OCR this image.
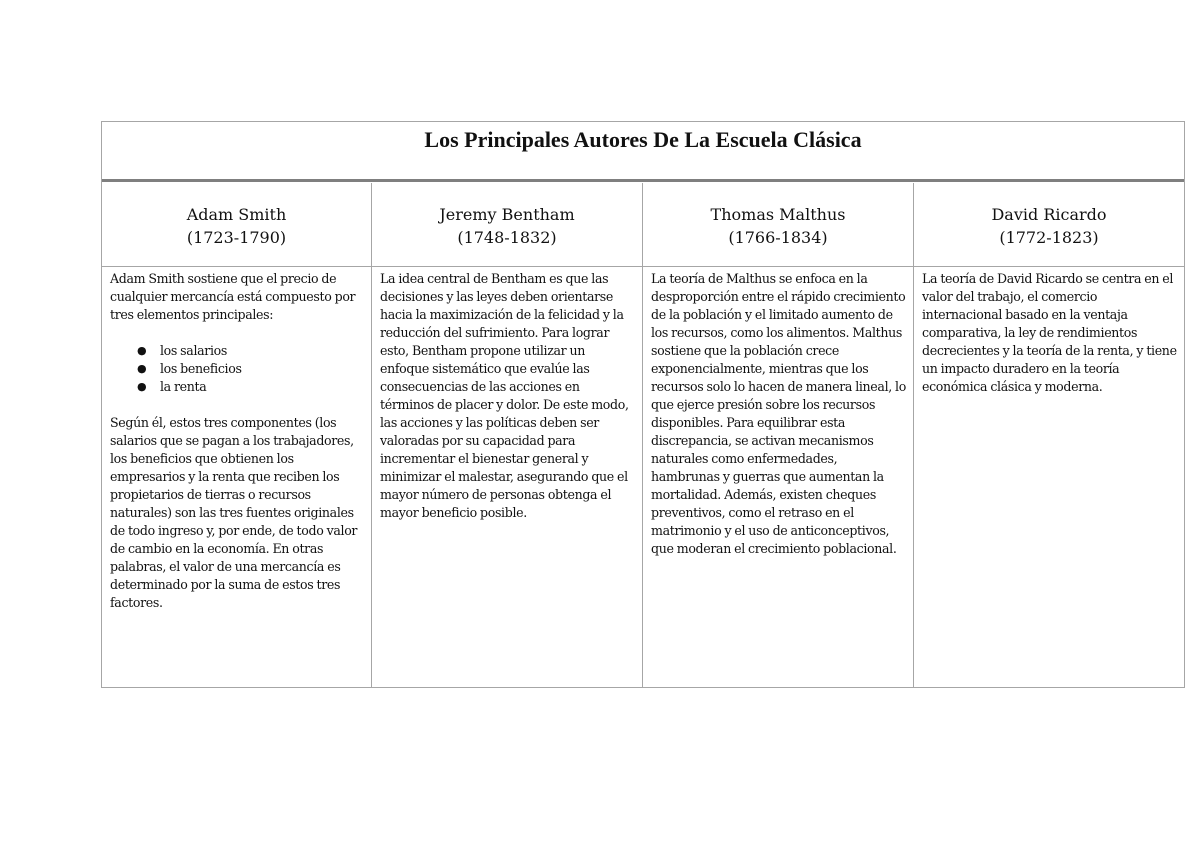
Los Principales Autores De La Escuela Clásica
Adam Smith
(1723-1790)

Adam Smith sostiene que el precio de cualquier mercancía está compuesto por tres elementos principales:

● los salarios
● los beneficios
● la renta

Según él, estos tres componentes (los salarios que se pagan a los trabajadores, los beneficios que obtienen los empresarios y la renta que reciben los propietarios de tierras o recursos naturales) son las tres fuentes originales de todo ingreso y, por ende, de todo valor de cambio en la economía. En otras palabras, el valor de una mercancía es determinado por la suma de estos tres factores.

Jeremy Bentham
(1748-1832)

La idea central de Bentham es que las decisiones y las leyes deben orientarse hacia la maximización de la felicidad y la reducción del sufrimiento. Para lograr esto, Bentham propone utilizar un enfoque sistemático que evalúe las consecuencias de las acciones en términos de placer y dolor. De este modo, las acciones y las políticas deben ser valoradas por su capacidad para incrementar el bienestar general y minimizar el malestar, asegurando que el mayor número de personas obtenga el mayor beneficio posible.

Thomas Malthus
(1766-1834)

La teoría de Malthus se enfoca en la desproporción entre el rápido crecimiento de la población y el limitado aumento de los recursos, como los alimentos. Malthus sostiene que la población crece exponencialmente, mientras que los recursos solo lo hacen de manera lineal, lo que ejerce presión sobre los recursos disponibles. Para equilibrar esta discrepancia, se activan mecanismos naturales como enfermedades, hambrunas y guerras que aumentan la mortalidad. Además, existen cheques preventivos, como el retraso en el matrimonio y el uso de anticonceptivos, que moderan el crecimiento poblacional.

David Ricardo
(1772-1823)

La teoría de David Ricardo se centra en el valor del trabajo, el comercio internacional basado en la ventaja comparativa, la ley de rendimientos decrecientes y la teoría de la renta, y tiene un impacto duradero en la teoría económica clásica y moderna.
